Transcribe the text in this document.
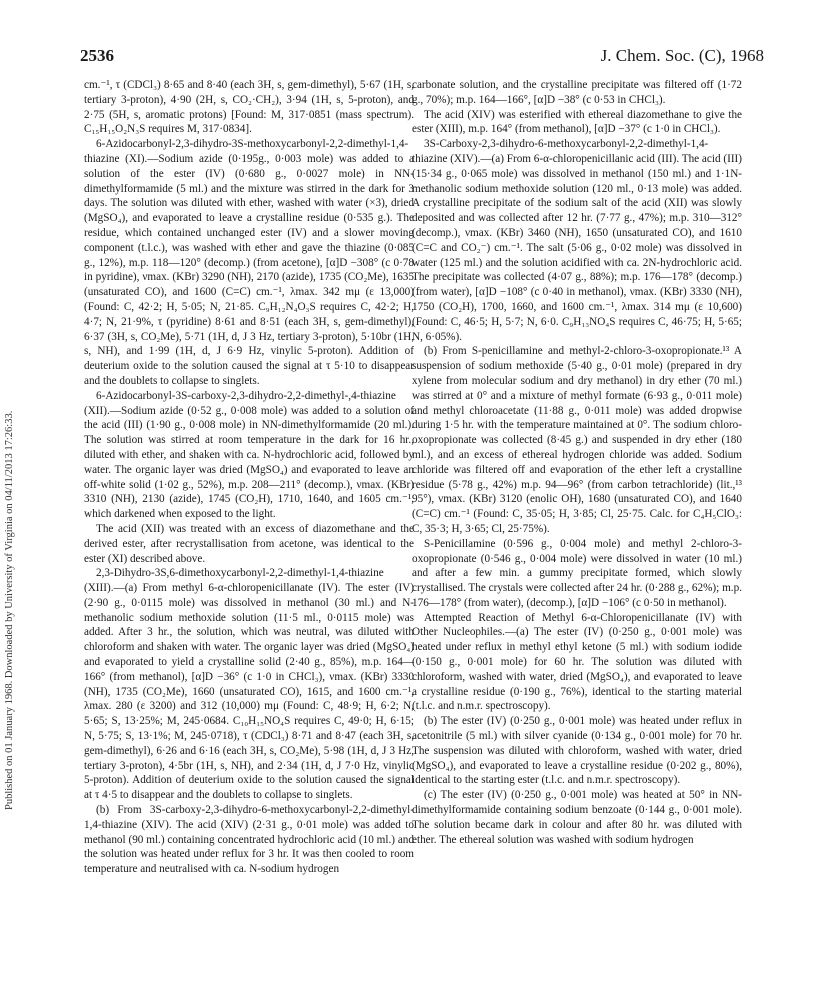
2536	J. Chem. Soc. (C), 1968
Published on 01 January 1968. Downloaded by University of Virginia on 04/11/2013 17:26:33.

cm.⁻¹, τ (CDCl₃) 8·65 and 8·40 (each 3H, s, gem-dimethyl), 5·67 (1H, s, tertiary 3-proton), 4·90 (2H, s, CO₂·CH₂), 3·94 (1H, s, 5-proton), and 2·75 (5H, s, aromatic protons) [Found: M, 317·0851 (mass spectrum). C₁₅H₁₅O₂N₃S requires M, 317·0834].

6-Azidocarbonyl-2,3-dihydro-3S-methoxycarbonyl-2,2-dimethyl-1,4-thiazine (XI).—Sodium azide (0·195g., 0·003 mole) was added to a solution of the ester (IV) (0·680 g., 0·0027 mole) in NN-dimethylformamide (5 ml.) and the mixture was stirred in the dark for 3 days. The solution was diluted with ether, washed with water (×3), dried (MgSO₄), and evaporated to leave a crystalline residue (0·535 g.). The residue, which contained unchanged ester (IV) and a slower moving component (t.l.c.), was washed with ether and gave the thiazine (0·085 g., 12%), m.p. 118—120° (decomp.) (from acetone), [α]D −308° (c 0·78 in pyridine), νmax. (KBr) 3290 (NH), 2170 (azide), 1735 (CO₂Me), 1635 (unsaturated CO), and 1600 (C=C) cm.⁻¹, λmax. 342 mμ (ε 13,000) (Found: C, 42·2; H, 5·05; N, 21·85. C₉H₁₂N₄O₃S requires C, 42·2; H, 4·7; N, 21·9%, τ (pyridine) 8·61 and 8·51 (each 3H, s, gem-dimethyl), 6·37 (3H, s, CO₂Me), 5·71 (1H, d, J 3 Hz, tertiary 3-proton), 5·10br (1H, s, NH), and 1·99 (1H, d, J 6·9 Hz, vinylic 5-proton). Addition of deuterium oxide to the solution caused the signal at τ 5·10 to disappear and the doublets to collapse to singlets.

6-Azidocarbonyl-3S-carboxy-2,3-dihydro-2,2-dimethyl-,4-thiazine (XII).—Sodium azide (0·52 g., 0·008 mole) was added to a solution of the acid (III) (1·90 g., 0·008 mole) in NN-dimethylformamide (20 ml.). The solution was stirred at room temperature in the dark for 16 hr., diluted with ether, and shaken with ca. N-hydrochloric acid, followed by water. The organic layer was dried (MgSO₄) and evaporated to leave an off-white solid (1·02 g., 52%), m.p. 208—211° (decomp.), νmax. (KBr) 3310 (NH), 2130 (azide), 1745 (CO₂H), 1710, 1640, and 1605 cm.⁻¹, which darkened when exposed to the light.

The acid (XII) was treated with an excess of diazomethane and the derived ester, after recrystallisation from acetone, was identical to the ester (XI) described above.

2,3-Dihydro-3S,6-dimethoxycarbonyl-2,2-dimethyl-1,4-thiazine (XIII).—(a) From methyl 6-α-chloropenicillanate (IV). The ester (IV) (2·90 g., 0·0115 mole) was dissolved in methanol (30 ml.) and N-methanolic sodium methoxide solution (11·5 ml., 0·0115 mole) was added. After 3 hr., the solution, which was neutral, was diluted with chloroform and shaken with water. The organic layer was dried (MgSO₄) and evaporated to yield a crystalline solid (2·40 g., 85%), m.p. 164—166° (from methanol), [α]D −36° (c 1·0 in CHCl₃), νmax. (KBr) 3330 (NH), 1735 (CO₂Me), 1660 (unsaturated CO), 1615, and 1600 cm.⁻¹, λmax. 280 (ε 3200) and 312 (10,000) mμ (Found: C, 48·9; H, 6·2; N, 5·65; S, 13·25%; M, 245·0684. C₁₀H₁₅NO₄S requires C, 49·0; H, 6·15; N, 5·75; S, 13·1%; M, 245·0718), τ (CDCl₃) 8·71 and 8·47 (each 3H, s, gem-dimethyl), 6·26 and 6·16 (each 3H, s, CO₂Me), 5·98 (1H, d, J 3 Hz, tertiary 3-proton), 4·5br (1H, s, NH), and 2·34 (1H, d, J 7·0 Hz, vinylic 5-proton). Addition of deuterium oxide to the solution caused the signal at τ 4·5 to disappear and the doublets to collapse to singlets.

(b) From 3S-carboxy-2,3-dihydro-6-methoxycarbonyl-2,2-dimethyl-1,4-thiazine (XIV). The acid (XIV) (2·31 g., 0·01 mole) was added to methanol (90 ml.) containing concentrated hydrochloric acid (10 ml.) and the solution was heated under reflux for 3 hr. It was then cooled to room temperature and neutralised with ca. N-sodium hydrogen

carbonate solution, and the crystalline precipitate was filtered off (1·72 g., 70%); m.p. 164—166°, [α]D −38° (c 0·53 in CHCl₃).

The acid (XIV) was esterified with ethereal diazomethane to give the ester (XIII), m.p. 164° (from methanol), [α]D −37° (c 1·0 in CHCl₃).

3S-Carboxy-2,3-dihydro-6-methoxycarbonyl-2,2-dimethyl-1,4-thiazine (XIV).—(a) From 6-α-chloropenicillanic acid (III). The acid (III) (15·34 g., 0·065 mole) was dissolved in methanol (150 ml.) and 1·1N-methanolic sodium methoxide solution (120 ml., 0·13 mole) was added. A crystalline precipitate of the sodium salt of the acid (XII) was slowly deposited and was collected after 12 hr. (7·77 g., 47%); m.p. 310—312° (decomp.), νmax. (KBr) 3460 (NH), 1650 (unsaturated CO), and 1610 (C=C and CO₂⁻) cm.⁻¹. The salt (5·06 g., 0·02 mole) was dissolved in water (125 ml.) and the solution acidified with ca. 2N-hydrochloric acid. The precipitate was collected (4·07 g., 88%); m.p. 176—178° (decomp.) (from water), [α]D −108° (c 0·40 in methanol), νmax. (KBr) 3330 (NH), 1750 (CO₂H), 1700, 1660, and 1600 cm.⁻¹, λmax. 314 mμ (ε 10,600) (Found: C, 46·5; H, 5·7; N, 6·0. C₉H₁₃NO₄S requires C, 46·75; H, 5·65; N, 6·05%).

(b) From S-penicillamine and methyl-2-chloro-3-oxopropionate.¹³ A suspension of sodium methoxide (5·40 g., 0·01 mole) (prepared in dry xylene from molecular sodium and dry methanol) in dry ether (70 ml.) was stirred at 0° and a mixture of methyl formate (6·93 g., 0·011 mole) and methyl chloroacetate (11·88 g., 0·011 mole) was added dropwise during 1·5 hr. with the temperature maintained at 0°. The sodium chloro-oxopropionate was collected (8·45 g.) and suspended in dry ether (180 ml.), and an excess of ethereal hydrogen chloride was added. Sodium chloride was filtered off and evaporation of the ether left a crystalline residue (5·78 g., 42%) m.p. 94—96° (from carbon tetrachloride) (lit.,¹³ 95°), νmax. (KBr) 3120 (enolic OH), 1680 (unsaturated CO), and 1640 (C=C) cm.⁻¹ (Found: C, 35·05; H, 3·85; Cl, 25·75. Calc. for C₄H₅ClO₃: C, 35·3; H, 3·65; Cl, 25·75%).

S-Penicillamine (0·596 g., 0·004 mole) and methyl 2-chloro-3-oxopropionate (0·546 g., 0·004 mole) were dissolved in water (10 ml.) and after a few min. a gummy precipitate formed, which slowly crystallised. The crystals were collected after 24 hr. (0·288 g., 62%); m.p. 176—178° (from water), (decomp.), [α]D −106° (c 0·50 in methanol).

Attempted Reaction of Methyl 6-α-Chloropenicillanate (IV) with Other Nucleophiles.—(a) The ester (IV) (0·250 g., 0·001 mole) was heated under reflux in methyl ethyl ketone (5 ml.) with sodium iodide (0·150 g., 0·001 mole) for 60 hr. The solution was diluted with chloroform, washed with water, dried (MgSO₄), and evaporated to leave a crystalline residue (0·190 g., 76%), identical to the starting material (t.l.c. and n.m.r. spectroscopy).

(b) The ester (IV) (0·250 g., 0·001 mole) was heated under reflux in acetonitrile (5 ml.) with silver cyanide (0·134 g., 0·001 mole) for 70 hr. The suspension was diluted with chloroform, washed with water, dried (MgSO₄), and evaporated to leave a crystalline residue (0·202 g., 80%), identical to the starting ester (t.l.c. and n.m.r. spectroscopy).

(c) The ester (IV) (0·250 g., 0·001 mole) was heated at 50° in NN-dimethylformamide containing sodium benzoate (0·144 g., 0·001 mole). The solution became dark in colour and after 80 hr. was diluted with ether. The ethereal solution was washed with sodium hydrogen
